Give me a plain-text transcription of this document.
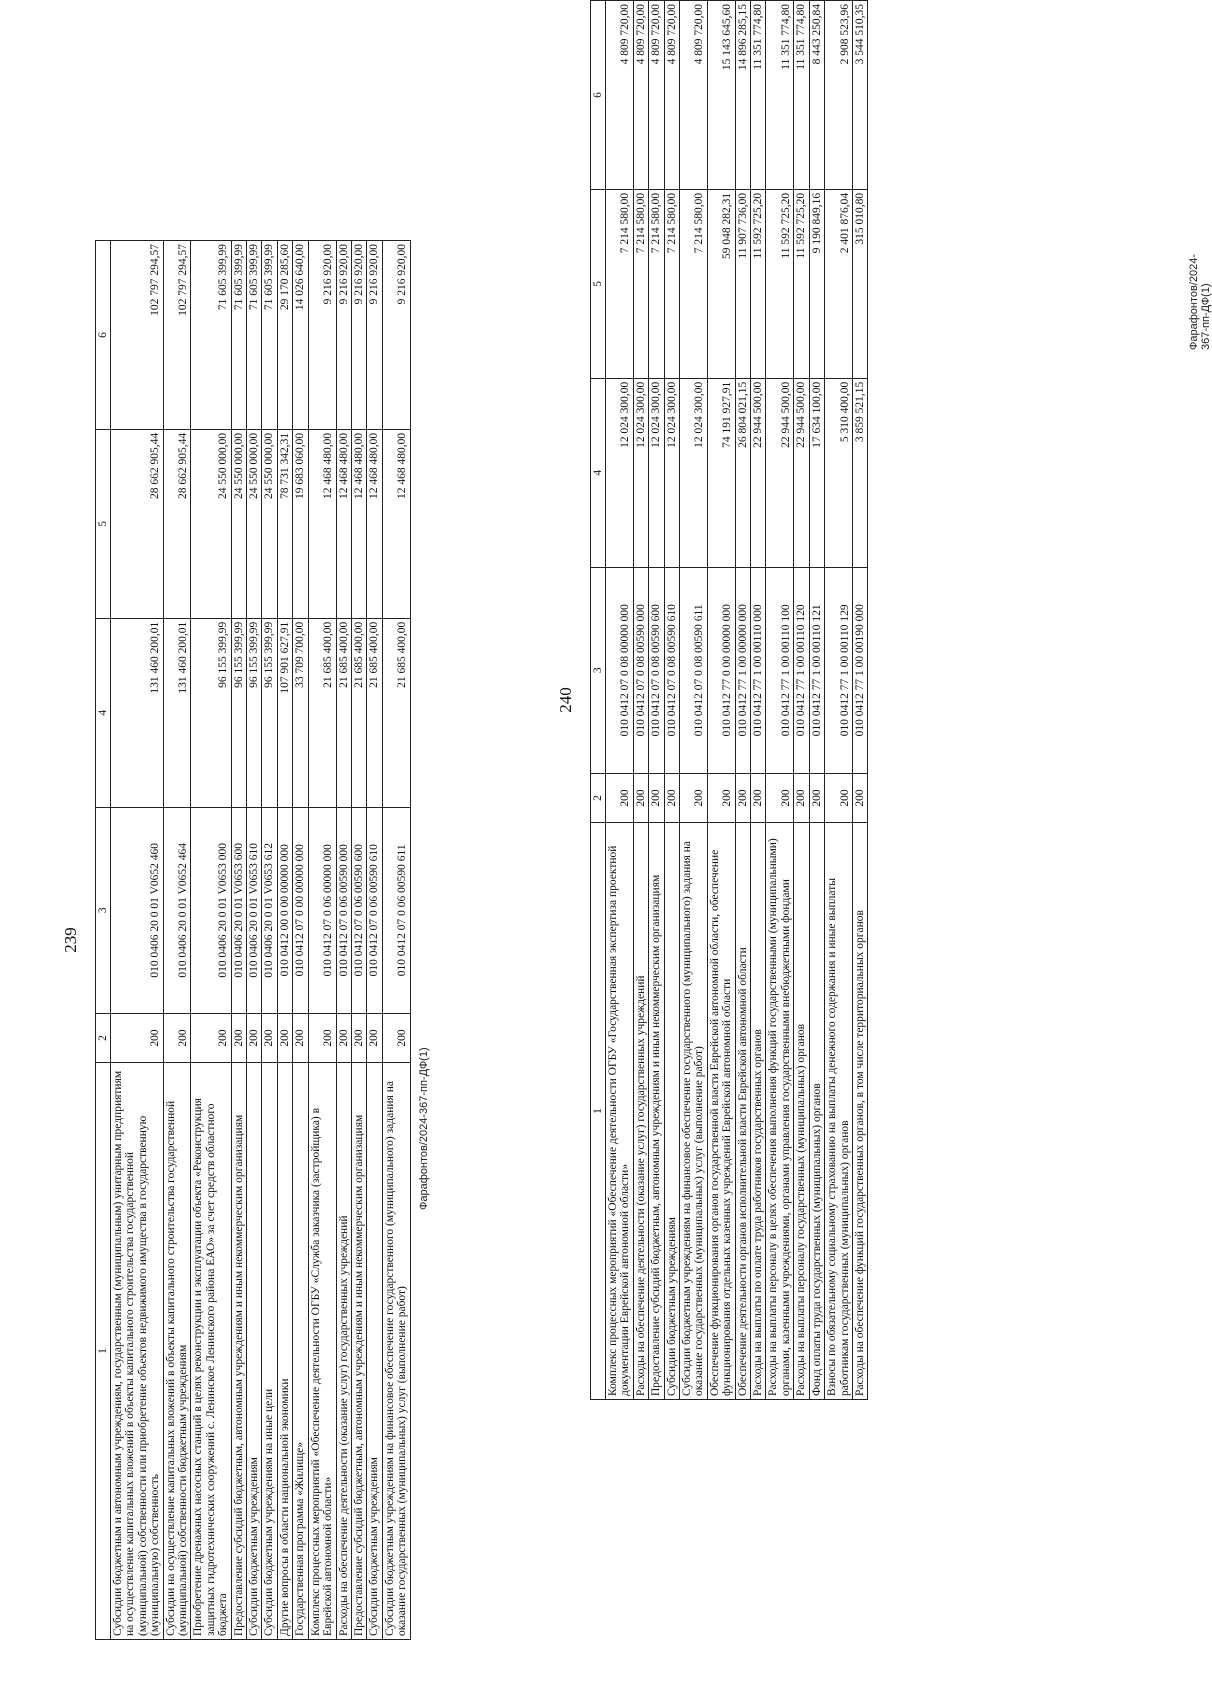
239
1	2	3	4	5	6
Субсидии бюджетным и автономным учреждениям, государственным (муниципальным) унитарным предприятиям на осуществление капитальных вложений в объекты капитального строительства государственной (муниципальной) собственности или приобретение объектов недвижимого имущества в государственную (муниципальную) собственность	200	010 0406 20 0 01 V0652 460	131 460 200,01	28 662 905,44	102 797 294,57
Субсидии на осуществление капитальных вложений в объекты капитального строительства государственной (муниципальной) собственности бюджетным учреждениям	200	010 0406 20 0 01 V0652 464	131 460 200,01	28 662 905,44	102 797 294,57
Приобретение дренажных насосных станций в целях реконструкции и эксплуатации объекта «Реконструкция защитных гидротехнических сооружений с. Ленинское Ленинского района ЕАО» за счет средств областного бюджета	200	010 0406 20 0 01 V0653 000	96 155 399,99	24 550 000,00	71 605 399,99
Предоставление субсидий бюджетным, автономным учреждениям и иным некоммерческим организациям	200	010 0406 20 0 01 V0653 600	96 155 399,99	24 550 000,00	71 605 399,99
Субсидии бюджетным учреждениям	200	010 0406 20 0 01 V0653 610	96 155 399,99	24 550 000,00	71 605 399,99
Субсидии бюджетным учреждениям на иные цели	200	010 0406 20 0 01 V0653 612	96 155 399,99	24 550 000,00	71 605 399,99
Другие вопросы в области национальной экономики	200	010 0412 00 0 00 00000 000	107 901 627,91	78 731 342,31	29 170 285,60
Государственная программа «Жилище»	200	010 0412 07 0 00 00000 000	33 709 700,00	19 683 060,00	14 026 640,00
Комплекс процессных мероприятий «Обеспечение деятельности ОГБУ «Служба заказчика (застройщика) в Еврейской автономной области»	200	010 0412 07 0 06 00000 000	21 685 400,00	12 468 480,00	9 216 920,00
Расходы на обеспечение деятельности (оказание услуг) государственных учреждений	200	010 0412 07 0 06 00590 000	21 685 400,00	12 468 480,00	9 216 920,00
Предоставление субсидий бюджетным, автономным учреждениям и иным некоммерческим организациям	200	010 0412 07 0 06 00590 600	21 685 400,00	12 468 480,00	9 216 920,00
Субсидии бюджетным учреждениям	200	010 0412 07 0 06 00590 610	21 685 400,00	12 468 480,00	9 216 920,00
Субсидии бюджетным учреждениям на финансовое обеспечение государственного (муниципального) задания на оказание государственных (муниципальных) услуг (выполнение работ)	200	010 0412 07 0 06 00590 611	21 685 400,00	12 468 480,00	9 216 920,00
240
1	2	3	4	5	6
Комплекс процессных мероприятий «Обеспечение деятельности ОГБУ «Государственная экспертиза проектной документации Еврейской автономной области»	200	010 0412 07 0 08 00000 000	12 024 300,00	7 214 580,00	4 809 720,00
Расходы на обеспечение деятельности (оказание услуг) государственных учреждений	200	010 0412 07 0 08 00590 000	12 024 300,00	7 214 580,00	4 809 720,00
Предоставление субсидий бюджетным, автономным учреждениям и иным некоммерческим организациям	200	010 0412 07 0 08 00590 600	12 024 300,00	7 214 580,00	4 809 720,00
Субсидии бюджетным учреждениям	200	010 0412 07 0 08 00590 610	12 024 300,00	7 214 580,00	4 809 720,00
Субсидии бюджетным учреждениям на финансовое обеспечение государственного (муниципального) задания на оказание государственных (муниципальных) услуг (выполнение работ)	200	010 0412 07 0 08 00590 611	12 024 300,00	7 214 580,00	4 809 720,00
Обеспечение функционирования органов государственной власти Еврейской автономной области, обеспечение функционирования отдельных казенных учреждений Еврейской автономной области	200	010 0412 77 0 00 00000 000	74 191 927,91	59 048 282,31	15 143 645,60
Обеспечение деятельности органов исполнительной власти Еврейской автономной области	200	010 0412 77 1 00 00000 000	26 804 021,15	11 907 736,00	14 896 285,15
Расходы на выплаты по оплате труда работников государственных органов	200	010 0412 77 1 00 00110 000	22 944 500,00	11 592 725,20	11 351 774,80
Расходы на выплаты персоналу в целях обеспечения выполнения функций государственными (муниципальными) органами, казенными учреждениями, органами управления государственными внебюджетными фондами	200	010 0412 77 1 00 00110 100	22 944 500,00	11 592 725,20	11 351 774,80
Расходы на выплаты персоналу государственных (муниципальных) органов	200	010 0412 77 1 00 00110 120	22 944 500,00	11 592 725,20	11 351 774,80
Фонд оплаты труда государственных (муниципальных) органов	200	010 0412 77 1 00 00110 121	17 634 100,00	9 190 849,16	8 443 250,84
Взносы по обязательному социальному страхованию на выплаты денежного содержания и иные выплаты работникам государственных (муниципальных) органов	200	010 0412 77 1 00 00110 129	5 310 400,00	2 401 876,04	2 908 523,96
Расходы на обеспечение функций государственных органов, в том числе территориальных органов	200	010 0412 77 1 00 00190 000	3 859 521,15	315 010,80	3 544 510,35
Фарафонтов/2024-367-пп-ДФ(1)
Фарафонтов/2024-367-пп-ДФ(1)
